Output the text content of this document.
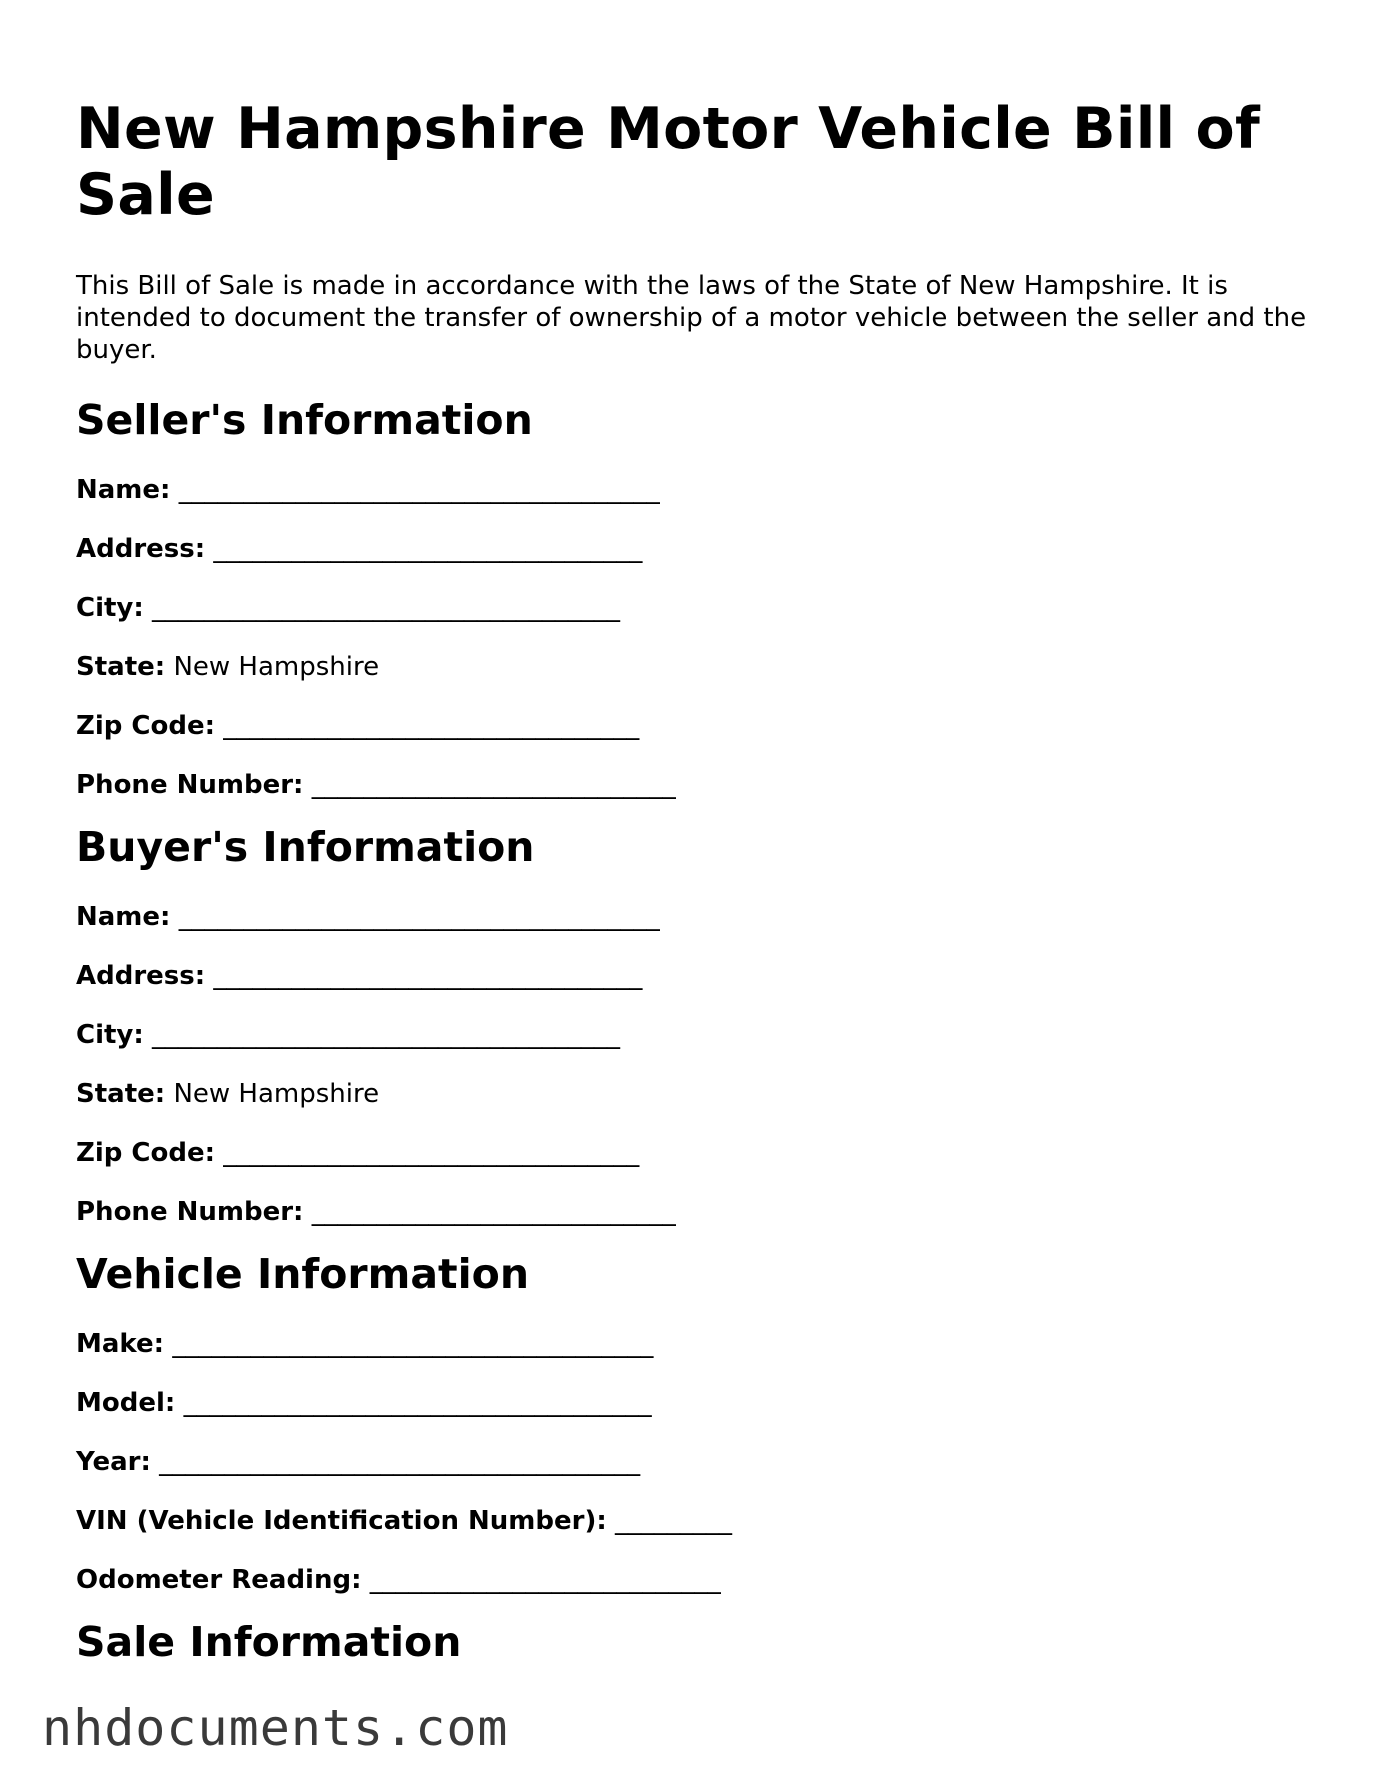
New Hampshire Motor Vehicle Bill of Sale

This Bill of Sale is made in accordance with the laws of the State of New Hampshire. It is intended to document the transfer of ownership of a motor vehicle between the seller and the buyer.

Seller's Information
Name: _____________________________________
Address: _________________________________
City: ____________________________________
State: New Hampshire
Zip Code: ________________________________
Phone Number: ____________________________
Buyer's Information
Name: _____________________________________
Address: _________________________________
City: ____________________________________
State: New Hampshire
Zip Code: ________________________________
Phone Number: ____________________________
Vehicle Information
Make: _____________________________________
Model: ____________________________________
Year: _____________________________________
VIN (Vehicle Identification Number): _________
Odometer Reading: ___________________________
Sale Information
nhdocuments.com
